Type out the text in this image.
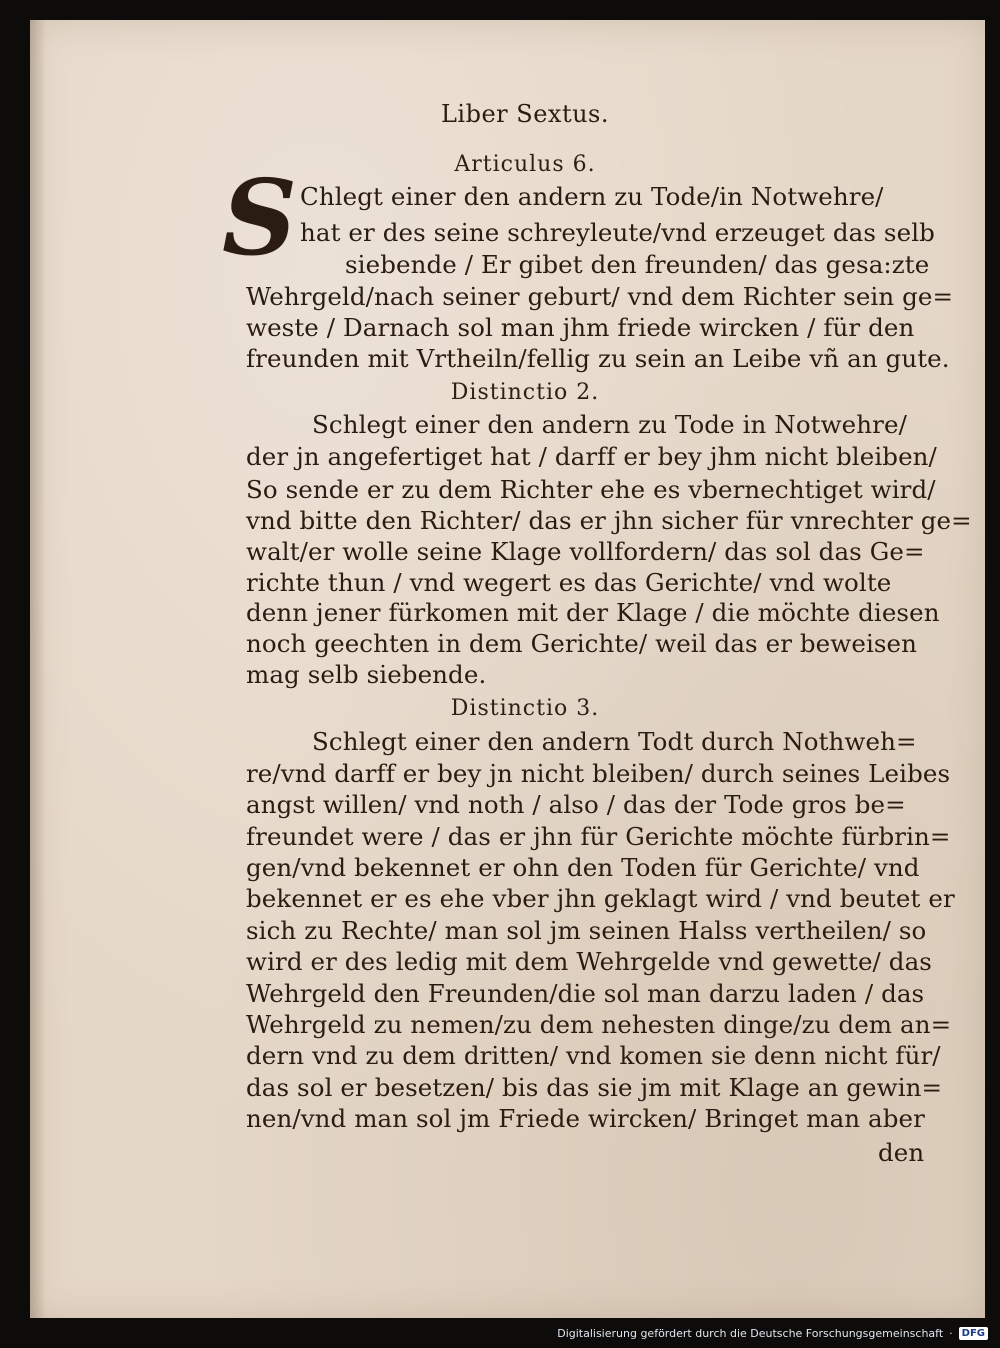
Liber Sextus.
Articulus 6.
S Chlegt einer den andern zu Tode/in Notwehre/
hat er des seine schreyleute/vnd erzeuget das selb
siebende / Er gibet den freunden/ das gesa:zte
Wehrgeld/nach seiner geburt/ vnd dem Richter sein ge=
weste / Darnach sol man jhm friede wircken / für den
freunden mit Vrtheiln/fellig zu sein an Leibe vñ an gute.
Distinctio 2.
Schlegt einer den andern zu Tode in Notwehre/
der jn angefertiget hat / darff er bey jhm nicht bleiben/
So sende er zu dem Richter ehe es vbernechtiget wird/
vnd bitte den Richter/ das er jhn sicher für vnrechter ge=
walt/er wolle seine Klage vollfordern/ das sol das Ge=
richte thun / vnd wegert es das Gerichte/ vnd wolte
denn jener fürkomen mit der Klage / die möchte diesen
noch geechten in dem Gerichte/ weil das er beweisen
mag selb siebende.
Distinctio 3.
Schlegt einer den andern Todt durch Nothweh=
re/vnd darff er bey jn nicht bleiben/ durch seines Leibes
angst willen/ vnd noth / also / das der Tode gros be=
freundet were / das er jhn für Gerichte möchte fürbrin=
gen/vnd bekennet er ohn den Toden für Gerichte/ vnd
bekennet er es ehe vber jhn geklagt wird / vnd beutet er
sich zu Rechte/ man sol jm seinen Halss vertheilen/ so
wird er des ledig mit dem Wehrgelde vnd gewette/ das
Wehrgeld den Freunden/die sol man darzu laden / das
Wehrgeld zu nemen/zu dem nehesten dinge/zu dem an=
dern vnd zu dem dritten/ vnd komen sie denn nicht für/
das sol er besetzen/ bis das sie jm mit Klage an gewin=
nen/vnd man sol jm Friede wircken/ Bringet man aber
den
Digitalisierung gefördert durch die Deutsche Forschungsgemeinschaft · DFG
